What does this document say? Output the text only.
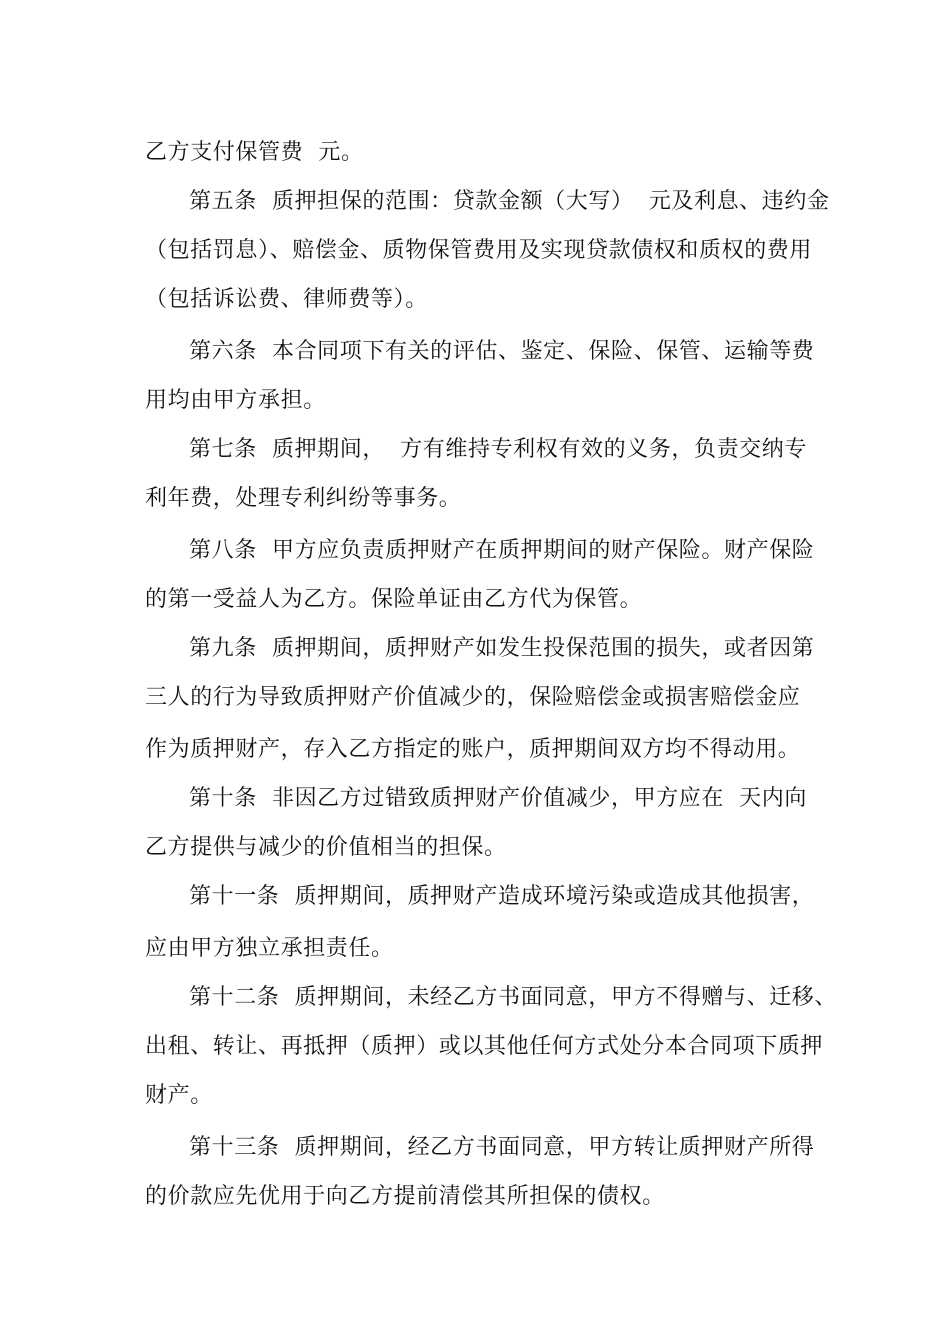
乙方支付保管费  元。
第五条  质押担保的范围：贷款金额（大写）  元及利息、违约金
（包括罚息）、赔偿金、质物保管费用及实现贷款债权和质权的费用
（包括诉讼费、律师费等）。
第六条  本合同项下有关的评估、鉴定、保险、保管、运输等费
用均由甲方承担。
第七条  质押期间，  方有维持专利权有效的义务，负责交纳专
利年费，处理专利纠纷等事务。
第八条  甲方应负责质押财产在质押期间的财产保险。财产保险
的第一受益人为乙方。保险单证由乙方代为保管。
第九条  质押期间，质押财产如发生投保范围的损失，或者因第
三人的行为导致质押财产价值减少的，保险赔偿金或损害赔偿金应
作为质押财产，存入乙方指定的账户，质押期间双方均不得动用。
第十条  非因乙方过错致质押财产价值减少，甲方应在  天内向
乙方提供与减少的价值相当的担保。
第十一条  质押期间，质押财产造成环境污染或造成其他损害，
应由甲方独立承担责任。
第十二条  质押期间，未经乙方书面同意，甲方不得赠与、迁移、
出租、转让、再抵押（质押）或以其他任何方式处分本合同项下质押
财产。
第十三条  质押期间，经乙方书面同意，甲方转让质押财产所得
的价款应先优用于向乙方提前清偿其所担保的债权。
